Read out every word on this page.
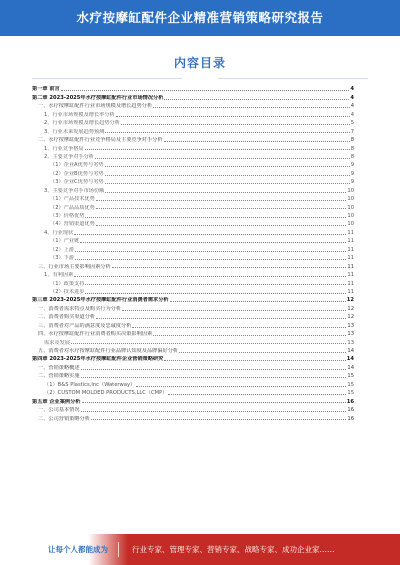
水疗按摩缸配件企业精准营销策略研究报告
内容目录
第一章 前言	4
第二章 2023-2025年水疗按摩缸配件行业市场情况分析	4
一、水疗按摩缸配件行业市场规模及增长趋势分析	4
1、行业市场规模及增长率分析	4
2、行业市场规模及增长趋势分析	5
3、行业未来发展趋势预测	7
二、水疗按摩缸配件行业竞争格局及主要竞争对手分析	8
1、行业竞争格局	8
2、主要竞争对手分析	8
（1）企业A优势与劣势	9
（2）企业B优势与劣势	9
（3）企业C优势与劣势	9
3、主要竞争对手市场份额	10
（1）产品技术优势	10
（2）产品品质优势	10
（3）价格优势	10
（4）营销渠道优势	10
4、行业现状	11
（1）产业链	11
（2）上游	11
（3）下游	11
三、行业市场主要影响因素分析	11
1、有利因素	11
（1）政策支持	11
（2）技术进步	11
第三章 2023-2025年水疗按摩缸配件行业消费者需求分析	12
一、消费者需求特点及购买行为分析	12
二、消费者购买渠道分析	12
三、消费者对产品的满意度及忠诚度分析	13
四、水疗按摩缸配件行业消费者购买决策影响因素	13
需求及发展	13
五、消费者对水疗按摩缸配件行业品牌认知度及品牌偏好分析	14
第四章 2023-2025年水疗按摩缸配件企业营销策略研究	14
一、营销策略概述	14
二、营销策略实施	15
（1）B&S Plastics,Inc（Waterway）	15
（2）CUSTOM MOLDED PRODUCTS,LLC（CMP）	15
第五章 企业案例分析	16
一、公司基本情况	16
二、公司营销策略分析	16
让每个人都能成为	行业专家、管理专家、营销专家、战略专家、成功企业家……
